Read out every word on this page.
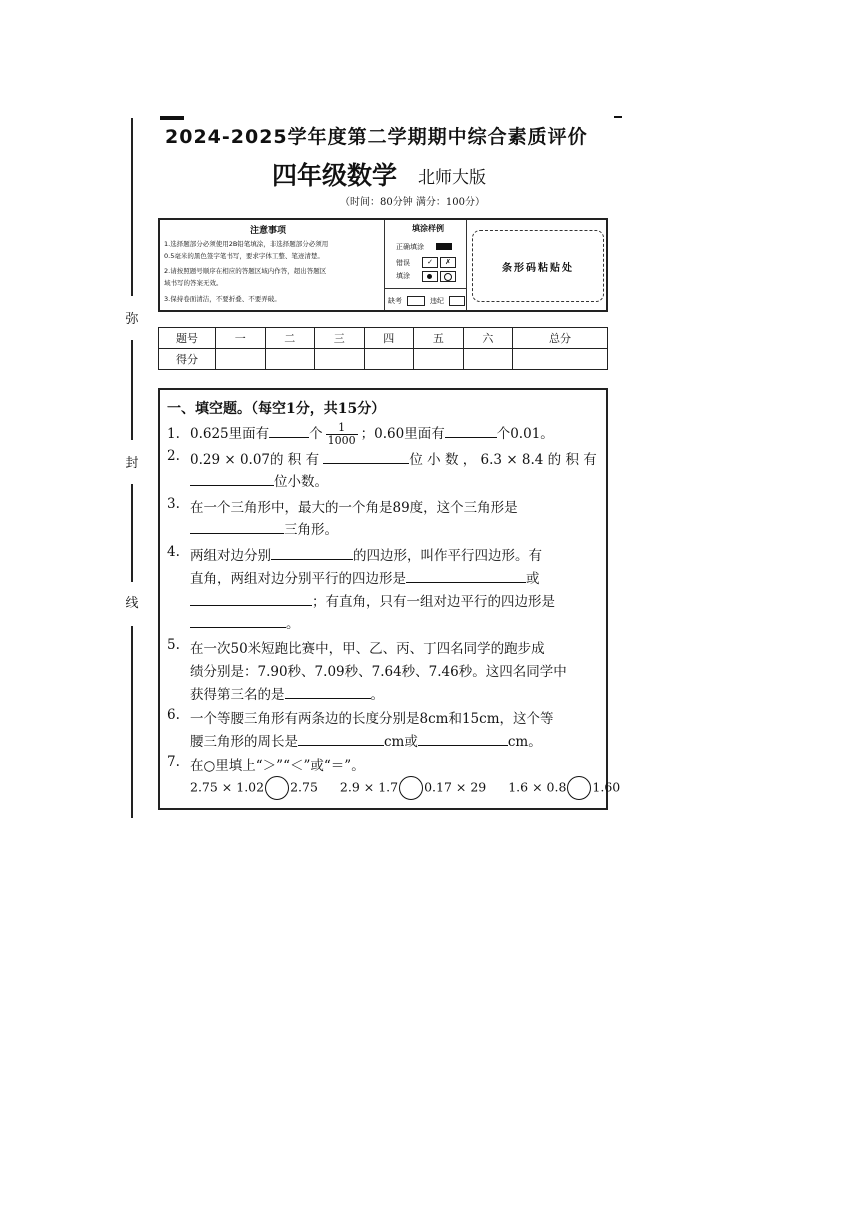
弥
封
线
2024-2025学年度第二学期期中综合素质评价
四年级数学 北师大版
（时间：80分钟 满分：100分）
注意事项
1.选择题部分必须使用2B铅笔填涂，非选择题部分必须用
0.5毫米的黑色签字笔书写，要求字体工整、笔迹清楚。
2.请按照题号顺序在相应的答题区域内作答，超出答题区
域书写的答案无效。
3.保持卷面清洁，不要折叠、不要弄破。
填涂样例
正确填涂
错误	✓	✗
填涂
缺考	违纪
条形码粘贴处
题号	一	二	三	四	五	六	总分
得分							
一、填空题。（每空1分，共15分）
1. 0.625里面有	个 $\frac{1}{1000}$ ；0.60里面有	个0.01。
2. 0.29 × 0.07的 积 有	位 小 数 ， 6.3 × 8.4 的 积 有
位小数。
3. 在一个三角形中，最大的一个角是89度，这个三角形是
三角形。
4. 两组对边分别	的四边形，叫作平行四边形。有
直角，两组对边分别平行的四边形是	或
；有直角，只有一组对边平行的四边形是
。
5. 在一次50米短跑比赛中，甲、乙、丙、丁四名同学的跑步成
绩分别是：7.90秒、7.09秒、7.64秒、7.46秒。这四名同学中
获得第三名的是	。
6. 一个等腰三角形有两条边的长度分别是8cm和15cm，这个等
腰三角形的周长是	cm或	cm。
7. 在○里填上“＞”“＜”或“＝”。
2.75 × 1.02 2.75 2.9 × 1.7 0.17 × 29 1.6 × 0.8 1.60
